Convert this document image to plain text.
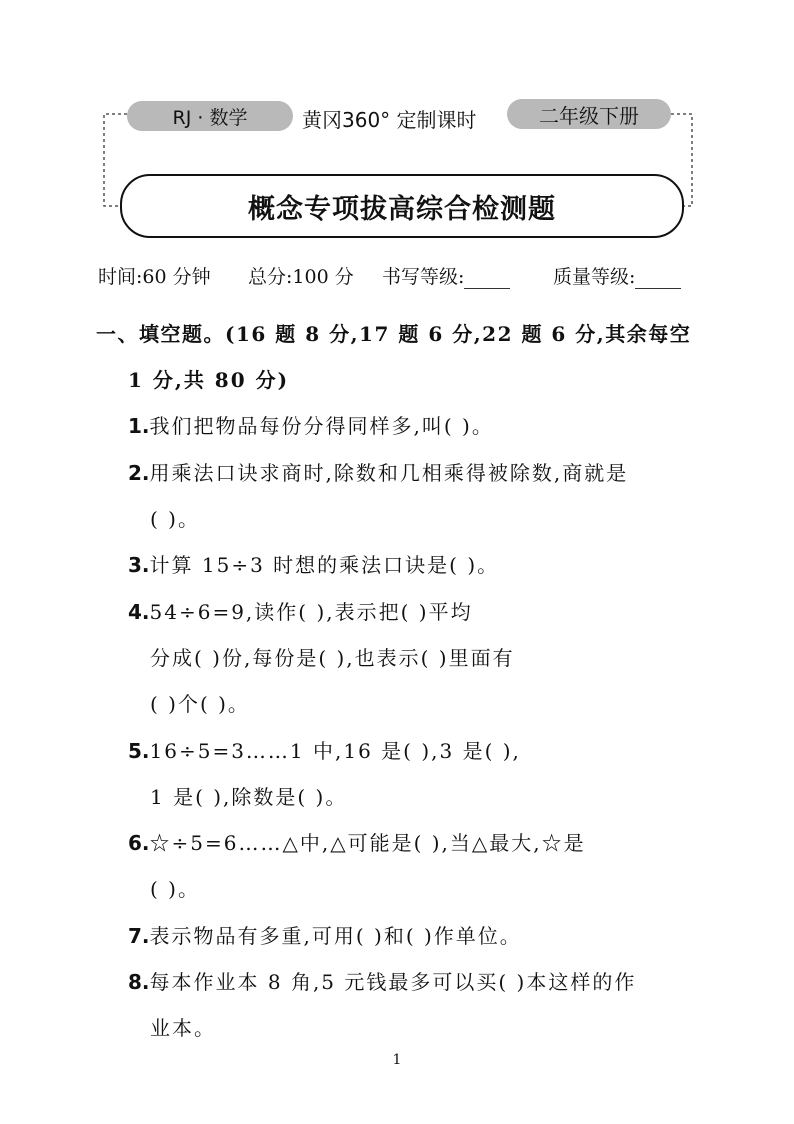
RJ · 数学	黄冈360° 定制课时	二年级下册
概念专项拔高综合检测题
时间:60 分钟 总分:100 分 书写等级:	质量等级:
一、填空题。(16 题 8 分,17 题 6 分,22 题 6 分,其余每空
1 分,共 80 分)
1.我们把物品每份分得同样多,叫( )。
2.用乘法口诀求商时,除数和几相乘得被除数,商就是
( )。
3.计算 15÷3 时想的乘法口诀是( )。
4.54÷6=9,读作( ),表示把( )平均
分成( )份,每份是( ),也表示( )里面有
( )个( )。
5.16÷5=3……1 中,16 是( ),3 是( ),
1 是( ),除数是( )。
6.☆÷5=6……△中,△可能是( ),当△最大,☆是
( )。
7.表示物品有多重,可用( )和( )作单位。
8.每本作业本 8 角,5 元钱最多可以买( )本这样的作
业本。
1
